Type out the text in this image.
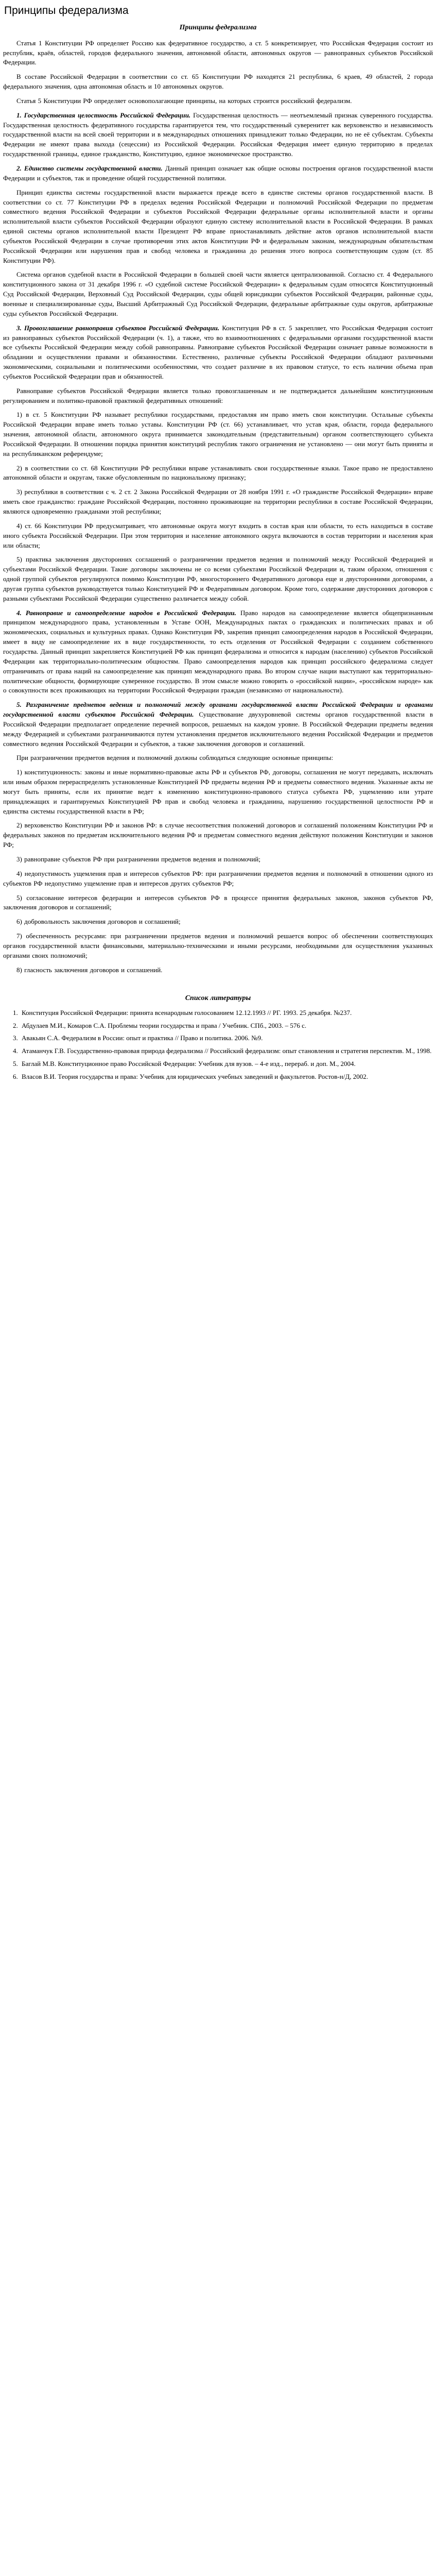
Принципы федерализма
Принципы федерализма

Статья 1 Конституции РФ определяет Россию как федеративное государство, а ст. 5 конкретизирует, что Российская Федерация состоит из республик, краёв, областей, городов федерального значения, автономной области, автономных округов — равноправных субъектов Российской Федерации.

В составе Российской Федерации в соответствии со ст. 65 Конституции РФ находятся 21 республика, 6 краев, 49 областей, 2 города федерального значения, одна автономная область и 10 автономных округов.

Статья 5 Конституции РФ определяет основополагающие принципы, на которых строится российский федерализм.

1. Государственная целостность Российской Федерации. Государственная целостность — неотъемлемый признак суверенного государства. Государственная целостность федеративного государства гарантируется тем, что государственный суверенитет как верховенство и независимость государственной власти на всей своей территории и в международных отношениях принадлежит только Федерации, но не её субъектам. Субъекты Федерации не имеют права выхода (сецессии) из Российской Федерации. Российская Федерация имеет единую территорию в пределах государственной границы, единое гражданство, Конституцию, единое экономическое пространство.

2. Единство системы государственной власти. Данный принцип означает как общие основы построения органов государственной власти Федерации и субъектов, так и проведение общей государственной политики.

Принцип единства системы государственной власти выражается прежде всего в единстве системы органов государственной власти. В соответствии со ст. 77 Конституции РФ в пределах ведения Российской Федерации и полномочий Российской Федерации по предметам совместного ведения Российской Федерации и субъектов Российской Федерации федеральные органы исполнительной власти и органы исполнительной власти субъектов Российской Федерации образуют единую систему исполнительной власти в Российской Федерации. В рамках единой системы органов исполнительной власти Президент РФ вправе приостанавливать действие актов органов исполнительной власти субъектов Российской Федерации в случае противоречия этих актов Конституции РФ и федеральным законам, международным обязательствам Российской Федерации или нарушения прав и свобод человека и гражданина до решения этого вопроса соответствующим судом (ст. 85 Конституции РФ).

Система органов судебной власти в Российской Федерации в большей своей части является централизованной. Согласно ст. 4 Федерального конституционного закона от 31 декабря 1996 г. «О судебной системе Российской Федерации» к федеральным судам относятся Конституционный Суд Российской Федерации, Верховный Суд Российской Федерации, суды общей юрисдикции субъектов Российской Федерации, районные суды, военные и специализированные суды, Высший Арбитражный Суд Российской Федерации, федеральные арбитражные суды округов, арбитражные суды субъектов Российской Федерации.

3. Провозглашение равноправия субъектов Российской Федерации. Конституция РФ в ст. 5 закрепляет, что Российская Федерация состоит из равноправных субъектов Российской Федерации (ч. 1), а также, что во взаимоотношениях с федеральными органами государственной власти все субъекты Российской Федерации между собой равноправны. Равноправие субъектов Российской Федерации означает равные возможности в обладании и осуществлении правами и обязанностями. Естественно, различные субъекты Российской Федерации обладают различными экономическими, социальными и политическими особенностями, что создает различие в их правовом статусе, то есть наличии объема прав субъектов Российской Федерации прав и обязанностей.

Равноправие субъектов Российской Федерации является только провозглашенным и не подтверждается дальнейшим конституционным регулированием и политико-правовой практикой федеративных отношений:

1) в ст. 5 Конституции РФ называет республики государствами, предоставляя им право иметь свои конституции. Остальные субъекты Российской Федерации вправе иметь только уставы. Конституции РФ (ст. 66) устанавливает, что устав края, области, города федерального значения, автономной области, автономного округа принимается законодательным (представительным) органом соответствующего субъекта Российской Федерации. В отношении порядка принятия конституций республик такого ограничения не установлено — они могут быть приняты и на республиканском референдуме;

2) в соответствии со ст. 68 Конституции РФ республики вправе устанавливать свои государственные языки. Такое право не предоставлено автономной области и округам, также обусловленным по национальному признаку;

3) республики в соответствии с ч. 2 ст. 2 Закона Российской Федерации от 28 ноября 1991 г. «О гражданстве Российской Федерации» вправе иметь свое гражданство: граждане Российской Федерации, постоянно проживающие на территории республики в составе Российской Федерации, являются одновременно гражданами этой республики;

4) ст. 66 Конституции РФ предусматривает, что автономные округа могут входить в состав края или области, то есть находиться в составе иного субъекта Российской Федерации. При этом территория и население автономного округа включаются в состав территории и населения края или области;

5) практика заключения двусторонних соглашений о разграничении предметов ведения и полномочий между Российской Федерацией и субъектами Российской Федерации. Такие договоры заключены не со всеми субъектами Российской Федерации и, таким образом, отношения с одной группой субъектов регулируются помимо Конституции РФ, многостороннего Федеративного договора еще и двусторонними договорами, а другая группа субъектов руководствуется только Конституцией РФ и Федеративным договором. Кроме того, содержание двусторонних договоров с разными субъектами Российской Федерации существенно различается между собой.

4. Равноправие и самоопределение народов в Российской Федерации. Право народов на самоопределение является общепризнанным принципом международного права, установленным в Уставе ООН, Международных пактах о гражданских и политических правах и об экономических, социальных и культурных правах. Однако Конституция РФ, закрепив принцип самоопределения народов в Российской Федерации, имеет в виду не самоопределение их в виде государственности, то есть отделения от Российской Федерации с созданием собственного государства. Данный принцип закрепляется Конституцией РФ как принцип федерализма и относится к народам (населению) субъектов Российской Федерации как территориально-политическим общностям. Право самоопределения народов как принцип российского федерализма следует отграничивать от права наций на самоопределение как принцип международного права. Во втором случае нации выступают как территориально-политические общности, формирующие суверенное государство. В этом смысле можно говорить о «российской нации», «российском народе» как о совокупности всех проживающих на территории Российской Федерации граждан (независимо от национальности).

5. Разграничение предметов ведения и полномочий между органами государственной власти Российской Федерации и органами государственной власти субъектов Российской Федерации. Существование двухуровневой системы органов государственной власти в Российской Федерации предполагает определение перечней вопросов, решаемых на каждом уровне. В Российской Федерации предметы ведения между Федерацией и субъектами разграничиваются путем установления предметов исключительного ведения Российской Федерации и предметов совместного ведения Российской Федерации и субъектов, а также заключения договоров и соглашений.

При разграничении предметов ведения и полномочий должны соблюдаться следующие основные принципы:

1) конституционность: законы и иные нормативно-правовые акты РФ и субъектов РФ, договоры, соглашения не могут передавать, исключать или иным образом перераспределять установленные Конституцией РФ предметы ведения РФ и предметы совместного ведения. Указанные акты не могут быть приняты, если их принятие ведет к изменению конституционно-правового статуса субъекта РФ, ущемлению или утрате принадлежащих и гарантируемых Конституцией РФ прав и свобод человека и гражданина, нарушению государственной целостности РФ и единства системы государственной власти в РФ;

2) верховенство Конституции РФ и законов РФ: в случае несоответствия положений договоров и соглашений положениям Конституции РФ и федеральных законов по предметам исключительного ведения РФ и предметам совместного ведения действуют положения Конституции и законов РФ;

3) равноправие субъектов РФ при разграничении предметов ведения и полномочий;

4) недопустимость ущемления прав и интересов субъектов РФ: при разграничении предметов ведения и полномочий в отношении одного из субъектов РФ недопустимо ущемление прав и интересов других субъектов РФ;

5) согласование интересов федерации и интересов субъектов РФ в процессе принятия федеральных законов, законов субъектов РФ, заключения договоров и соглашений;

6) добровольность заключения договоров и соглашений;

7) обеспеченность ресурсами: при разграничении предметов ведения и полномочий решается вопрос об обеспечении соответствующих органов государственной власти финансовыми, материально-техническими и иными ресурсами, необходимыми для осуществления указанных органами своих полномочий;

8) гласность заключения договоров и соглашений.

Список литературы
1. Конституция Российской Федерации: принята всенародным голосованием 12.12.1993 // РГ. 1993. 25 декабря. №237.
2. Абдулаев М.И., Комаров С.А. Проблемы теории государства и права / Учебник. СПб., 2003. – 576 с.
3. Авакьян С.А. Федерализм в России: опыт и практика // Право и политика. 2006. №9.
4. Атаманчук Г.В. Государственно-правовая природа федерализма // Российский федерализм: опыт становления и стратегия перспектив. М., 1998.
5. Баглай М.В. Конституционное право Российской Федерации: Учебник для вузов. – 4-е изд., перераб. и доп. М., 2004.
6. Власов В.И. Теория государства и права: Учебник для юридических учебных заведений и факультетов. Ростов-н/Д, 2002.
